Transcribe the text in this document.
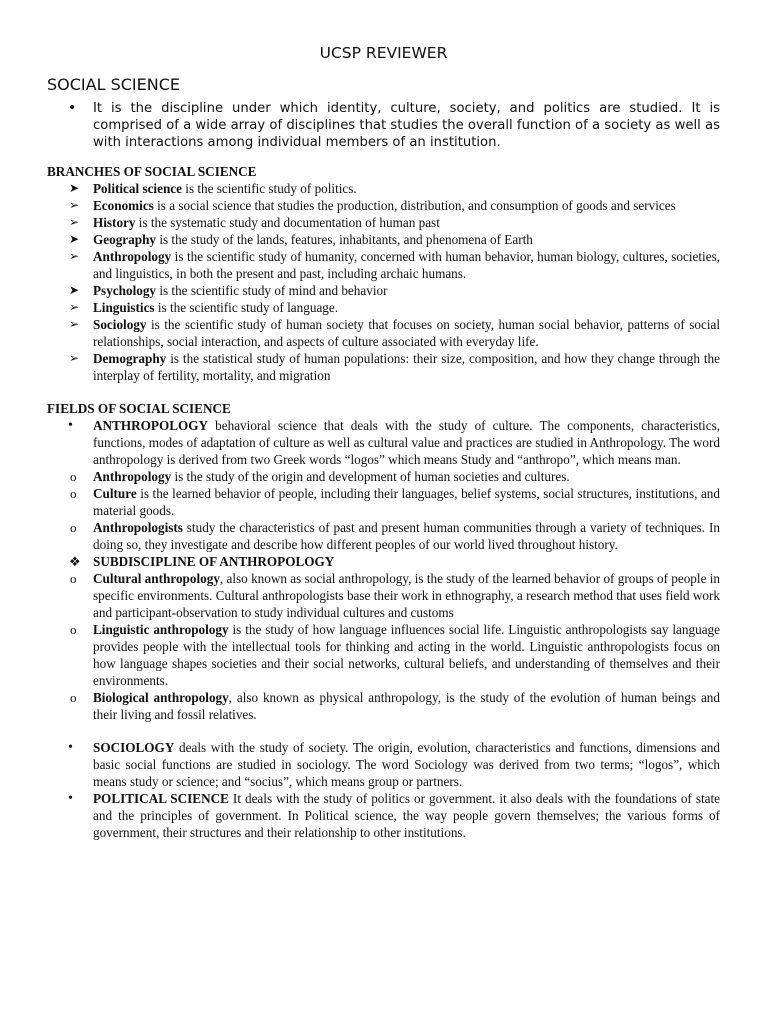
UCSP REVIEWER
SOCIAL SCIENCE
• It is the discipline under which identity, culture, society, and politics are studied. It is comprised of a wide array of disciplines that studies the overall function of a society as well as with interactions among individual members of an institution.
BRANCHES OF SOCIAL SCIENCE
➤ Political science is the scientific study of politics.
➢ Economics is a social science that studies the production, distribution, and consumption of goods and services
➢ History is the systematic study and documentation of human past
➤ Geography is the study of the lands, features, inhabitants, and phenomena of Earth
➢ Anthropology is the scientific study of humanity, concerned with human behavior, human biology, cultures, societies, and linguistics, in both the present and past, including archaic humans.
➤ Psychology is the scientific study of mind and behavior
➢ Linguistics is the scientific study of language.
➢ Sociology is the scientific study of human society that focuses on society, human social behavior, patterns of social relationships, social interaction, and aspects of culture associated with everyday life.
➢ Demography is the statistical study of human populations: their size, composition, and how they change through the interplay of fertility, mortality, and migration
FIELDS OF SOCIAL SCIENCE
• ANTHROPOLOGY behavioral science that deals with the study of culture. The components, characteristics, functions, modes of adaptation of culture as well as cultural value and practices are studied in Anthropology. The word anthropology is derived from two Greek words “logos” which means Study and “anthropo”, which means man.
o Anthropology is the study of the origin and development of human societies and cultures.
o Culture is the learned behavior of people, including their languages, belief systems, social structures, institutions, and material goods.
o Anthropologists study the characteristics of past and present human communities through a variety of techniques. In doing so, they investigate and describe how different peoples of our world lived throughout history.
❖ SUBDISCIPLINE OF ANTHROPOLOGY
o Cultural anthropology, also known as social anthropology, is the study of the learned behavior of groups of people in specific environments. Cultural anthropologists base their work in ethnography, a research method that uses field work and participant-observation to study individual cultures and customs
o Linguistic anthropology is the study of how language influences social life. Linguistic anthropologists say language provides people with the intellectual tools for thinking and acting in the world. Linguistic anthropologists focus on how language shapes societies and their social networks, cultural beliefs, and understanding of themselves and their environments.
o Biological anthropology, also known as physical anthropology, is the study of the evolution of human beings and their living and fossil relatives.
• SOCIOLOGY deals with the study of society. The origin, evolution, characteristics and functions, dimensions and basic social functions are studied in sociology. The word Sociology was derived from two terms; “logos”, which means study or science; and “socius”, which means group or partners.
• POLITICAL SCIENCE It deals with the study of politics or government. it also deals with the foundations of state and the principles of government. In Political science, the way people govern themselves; the various forms of government, their structures and their relationship to other institutions.
